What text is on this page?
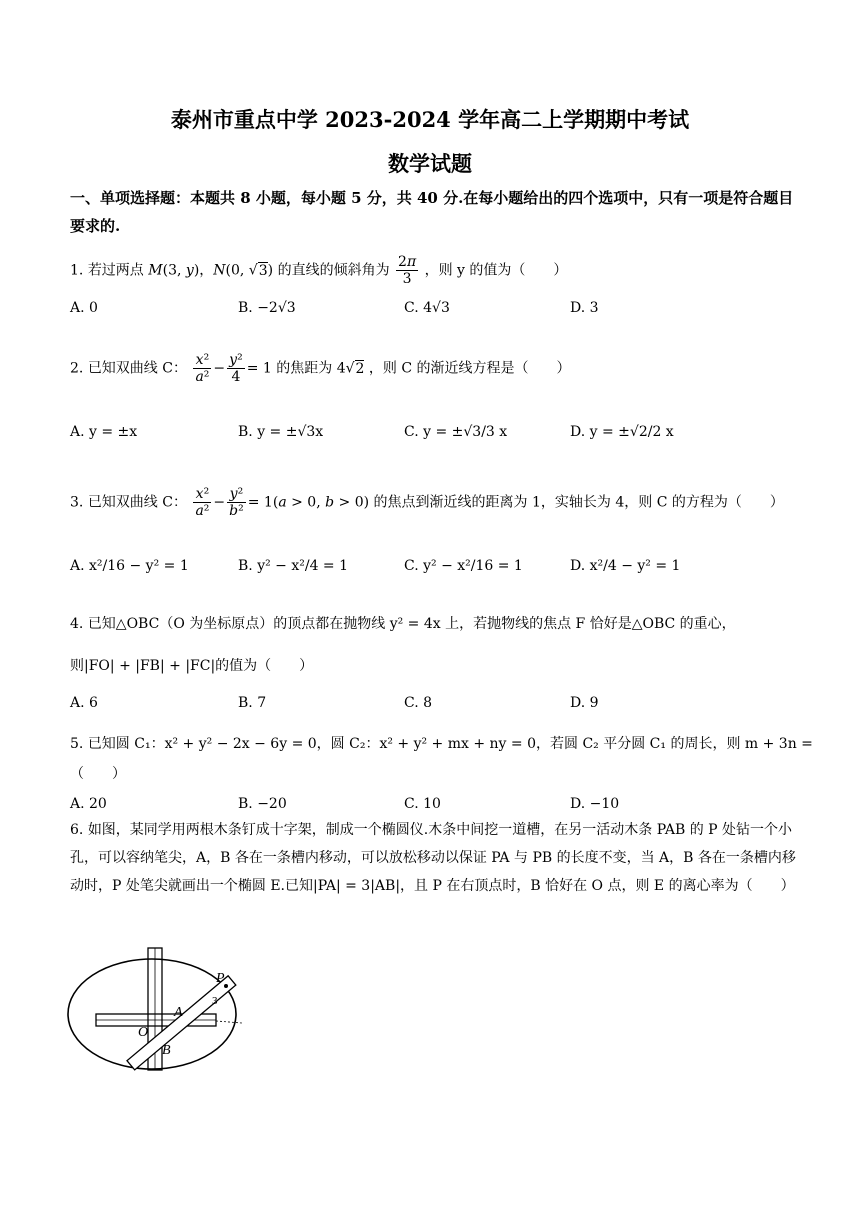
泰州市重点中学 2023-2024 学年高二上学期期中考试
数学试题
一、单项选择题：本题共 8 小题，每小题 5 分，共 40 分.在每小题给出的四个选项中，只有一项是符合题目要求的.
1. 若过两点 M(3, y)，N(0, √3) 的直线的倾斜角为 $\frac{2\pi}{3}$ ，则 y 的值为（　　）
A. 0	B. −2√3	C. 4√3	D. 3
2. 已知双曲线 C： $\frac{\text{x²}}{\text{a²}} - \frac{\text{y²}}{4} = 1$ 的焦距为 4√2 ，则 C 的渐近线方程是（　　）
A. y = ±x	B. y = ±√3x	C. y = ±√3/3 x	D. y = ±√2/2 x
3. 已知双曲线 C： $\frac{\text{x²}}{\text{a²}} - \frac{\text{y²}}{\text{b²}} = 1(a > 0$, b > 0) 的焦点到渐近线的距离为 1，实轴长为 4，则 C 的方程为（　　）
A. x²/16 − y² = 1	B. y² − x²/4 = 1	C. y² − x²/16 = 1	D. x²/4 − y² = 1
4. 已知△OBC（O 为坐标原点）的顶点都在抛物线 y² = 4x 上，若抛物线的焦点 F 恰好是△OBC 的重心，
则|FO| + |FB| + |FC|的值为（　　）
A. 6	B. 7	C. 8	D. 9
5. 已知圆 C₁：x² + y² − 2x − 6y = 0，圆 C₂：x² + y² + mx + ny = 0，若圆 C₂ 平分圆 C₁ 的周长，则 m + 3n =
（　　）
A. 20	B. −20	C. 10	D. −10
6. 如图，某同学用两根木条钉成十字架，制成一个椭圆仪.木条中间挖一道槽，在另一活动木条 PAB 的 P 处钻一个小孔，可以容纳笔尖，A，B 各在一条槽内移动，可以放松移动以保证 PA 与 PB 的长度不变，当 A，B 各在一条槽内移动时，P 处笔尖就画出一个椭圆 E.已知|PA| = 3|AB|，且 P 在右顶点时，B 恰好在 O 点，则 E 的离心率为（　　）
P
A
O
B
3
